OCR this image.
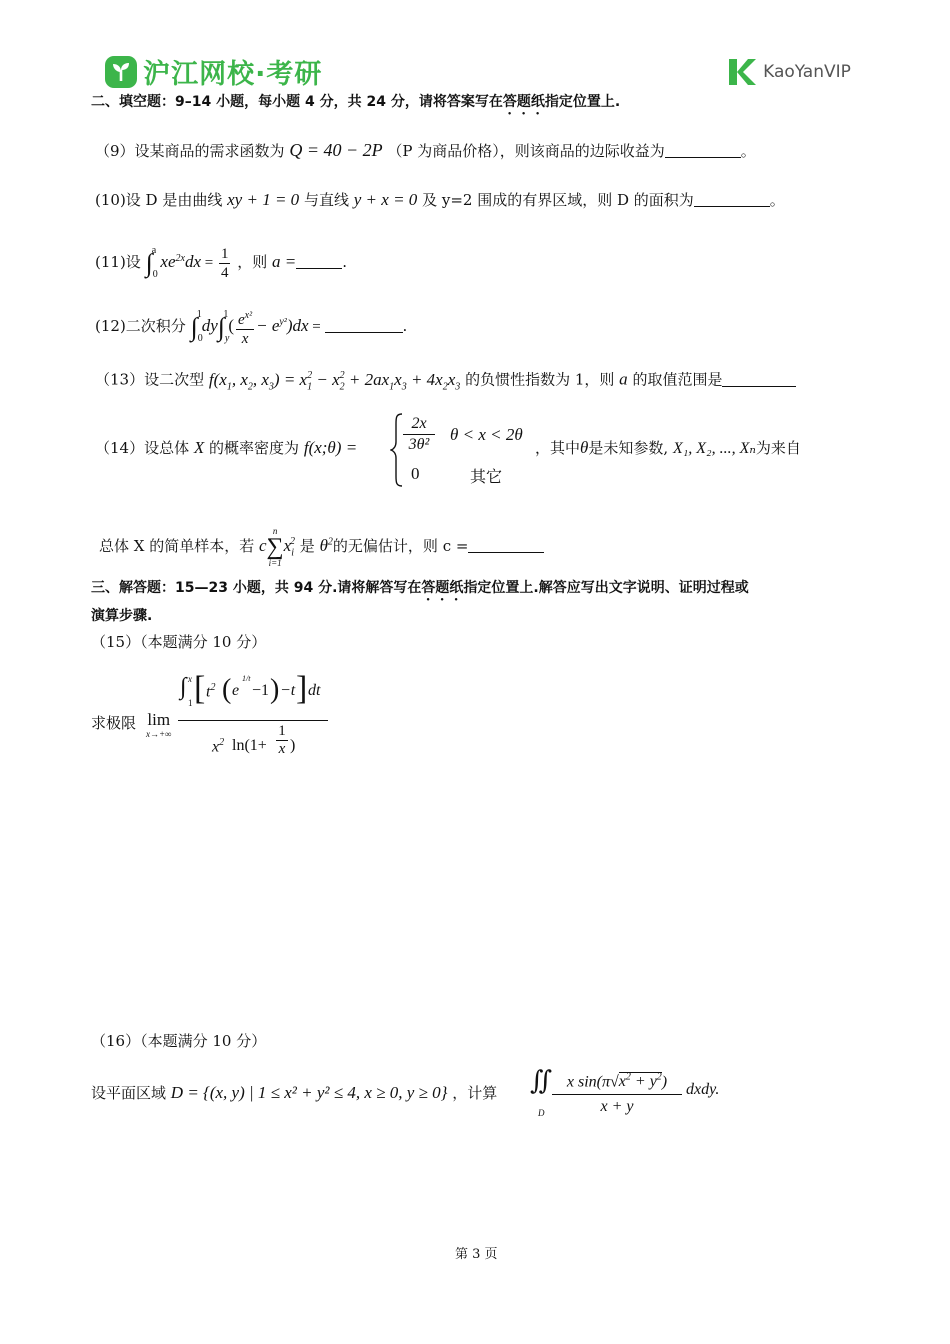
沪江网校·考研	KaoYanVIP
二、填空题：9–14 小题，每小题 4 分，共 24 分，请将答案写在答题纸指定位置上.
（9）设某商品的需求函数为 Q = 40 − 2P （P 为商品价格），则该商品的边际收益为	。
(10)设 D 是由曲线 xy + 1 = 0 与直线 y + x = 0 及 y=2 围成的有界区域，则 D 的面积为	。
(11)设 $\int_0^a$ $xe^{2x}dx = \frac{1}{4}$ ，则 a =	.
(12)二次积分 $\int_0^1dy\int_y^1( \frac{e^{x^2}}{x} - e^{y^2})dx$ =	.
（13）设二次型 $f(x_1$, $x_2$, $x_3) = x_1^2 - x_2^2 + 2ax_1x_3 + 4x_2x_3$ 的负惯性指数为 1，则 a 的取值范围是
（14）设总体 X 的概率密度为 f(x;θ) =
2x
3θ²
θ < x < 2θ
0	其它
，其中θ是未知参数, X₁, X₂, ..., Xₙ为来自
总体 X 的简单样本，若 c
n
∑
i=1
$x_i^2$ 是 $\theta^2$的无偏估计，则 c =
三、解答题：15—23 小题，共 94 分.请将解答写在答题纸指定位置上.解答应写出文字说明、证明过程或
演算步骤.
（15）（本题满分 10 分）
求极限 lim
x→+∞
∫ x
1 [ $t^2$ ( e
1/t
−1 ) −t ] dt
$x^2$ ln(1+
1
x )
（16）（本题满分 10 分）
设平面区域 D = {(x, y) | 1 ≤ x² + y² ≤ 4, x ≥ 0, y ≥ 0} ，计算 ∬
D
x $\sin(\pi√x^2 + y^2)$
x + y
dxdy.
第 3 页
